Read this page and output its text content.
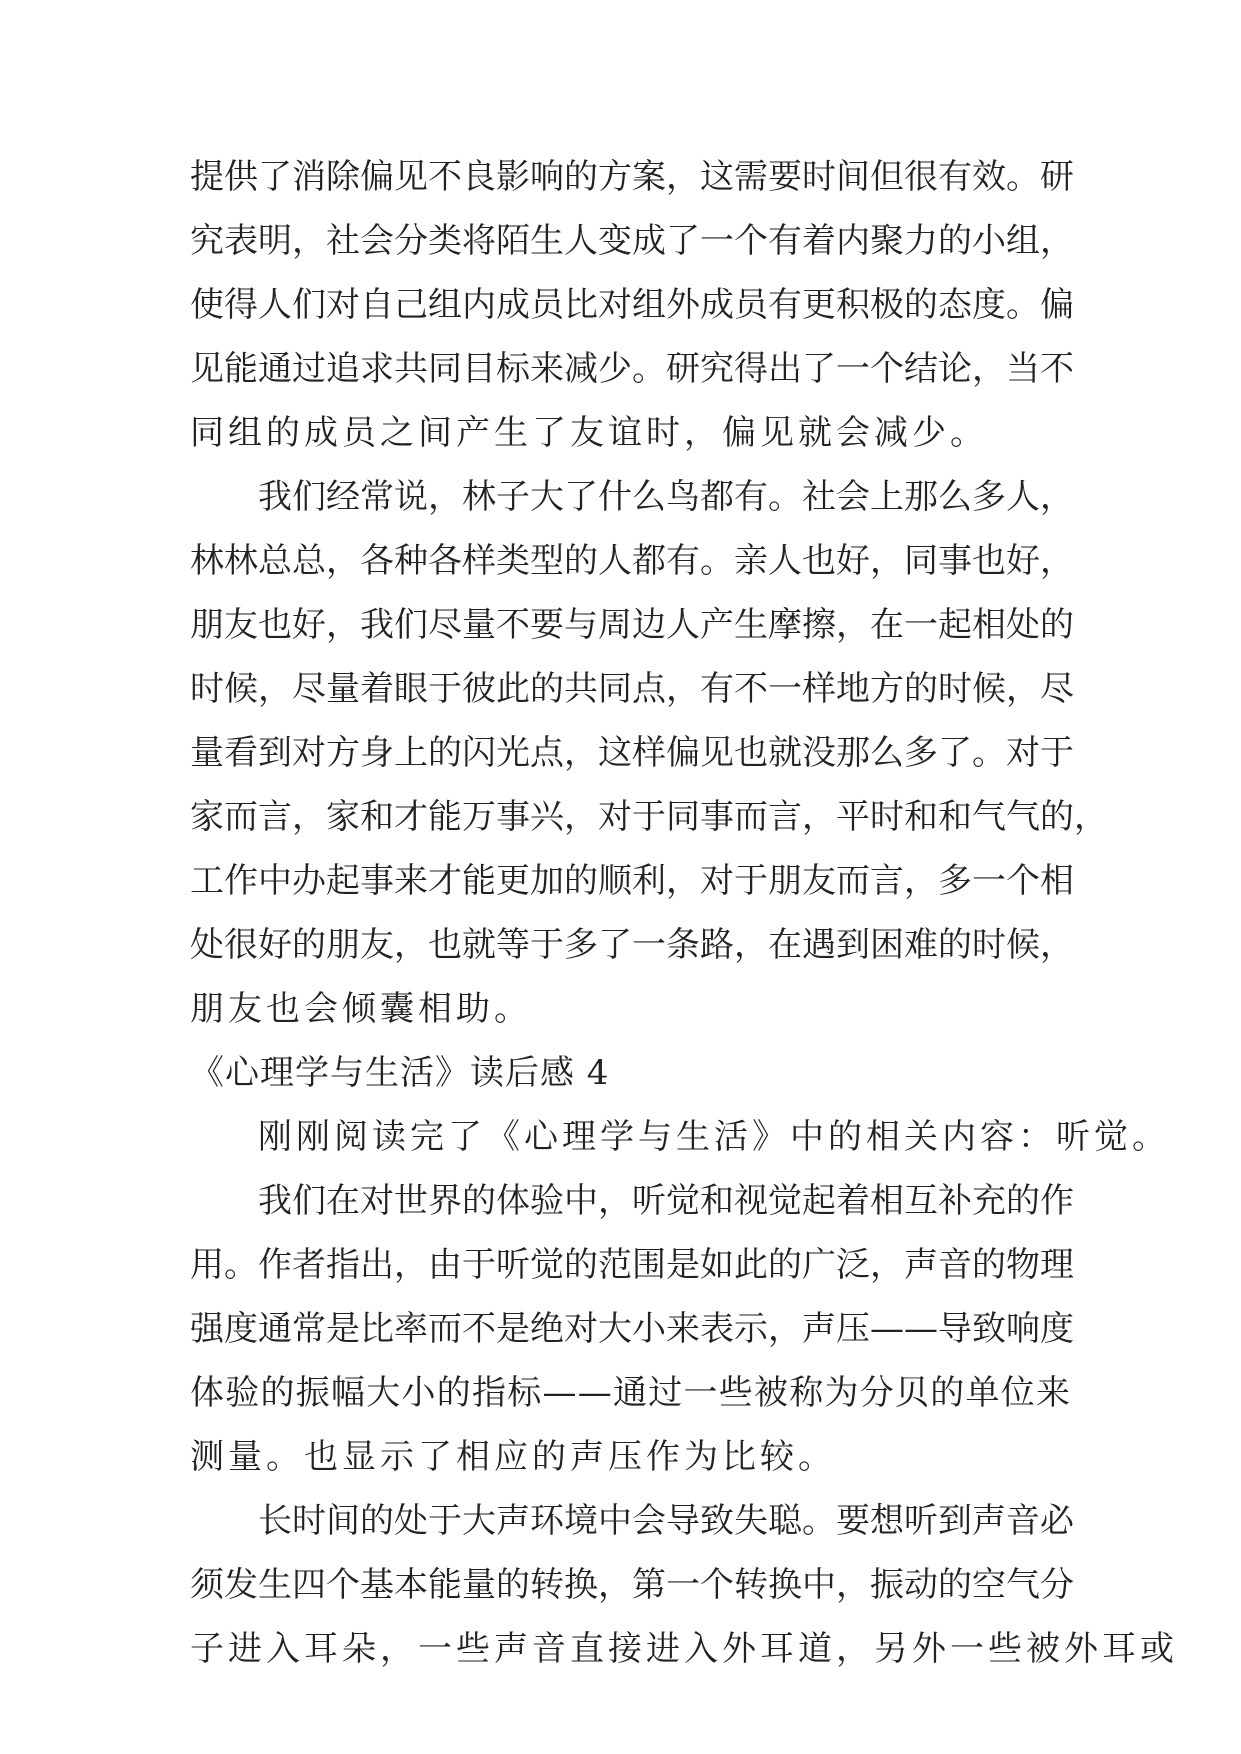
提 供 了 消 除 偏 见 不 良 影 响 的 方 案 ， 这 需 要 时 间 但 很 有 效 。 研
究 表 明 ， 社 会 分 类 将 陌 生 人 变 成 了 一 个 有 着 内 聚 力 的 小 组 ，
使 得 人 们 对 自 己 组 内 成 员 比 对 组 外 成 员 有 更 积 极 的 态 度 。 偏
见 能 通 过 追 求 共 同 目 标 来 减 少 。 研 究 得 出 了 一 个 结 论 ， 当 不
同组的成员之间产生了友谊时，偏见就会减少。
我 们 经 常 说 ， 林 子 大 了 什 么 鸟 都 有 。 社 会 上 那 么 多 人 ，
林 林 总 总 ， 各 种 各 样 类 型 的 人 都 有 。 亲 人 也 好 ， 同 事 也 好 ，
朋 友 也 好 ， 我 们 尽 量 不 要 与 周 边 人 产 生 摩 擦 ， 在 一 起 相 处 的
时 候 ， 尽 量 着 眼 于 彼 此 的 共 同 点 ， 有 不 一 样 地 方 的 时 候 ， 尽
量 看 到 对 方 身 上 的 闪 光 点 ， 这 样 偏 见 也 就 没 那 么 多 了 。 对 于
家 而 言 ， 家 和 才 能 万 事 兴 ， 对 于 同 事 而 言 ， 平 时 和 和 气 气 的 ，
工 作 中 办 起 事 来 才 能 更 加 的 顺 利 ， 对 于 朋 友 而 言 ， 多 一 个 相
处 很 好 的 朋 友 ， 也 就 等 于 多 了 一 条 路 ， 在 遇 到 困 难 的 时 候 ，
朋友也会倾囊相助。
《心理学与生活》读后感 4
刚刚阅读完了《心理学与生活》中的相关内容：听觉。
我 们 在 对 世 界 的 体 验 中 ， 听 觉 和 视 觉 起 着 相 互 补 充 的 作
用 。 作 者 指 出 ， 由 于 听 觉 的 范 围 是 如 此 的 广 泛 ， 声 音 的 物 理
强 度 通 常 是 比 率 而 不 是 绝 对 大 小 来 表 示 ， 声 压 — — 导 致 响 度
体 验 的 振 幅 大 小 的 指 标 — — 通 过 一 些 被 称 为 分 贝 的 单 位 来
测量。也显示了相应的声压作为比较。
长 时 间 的 处 于 大 声 环 境 中 会 导 致 失 聪 。 要 想 听 到 声 音 必
须 发 生 四 个 基 本 能 量 的 转 换 ， 第 一 个 转 换 中 ， 振 动 的 空 气 分
子进入耳朵，一些声音直接进入外耳道，另外一些被外耳或
